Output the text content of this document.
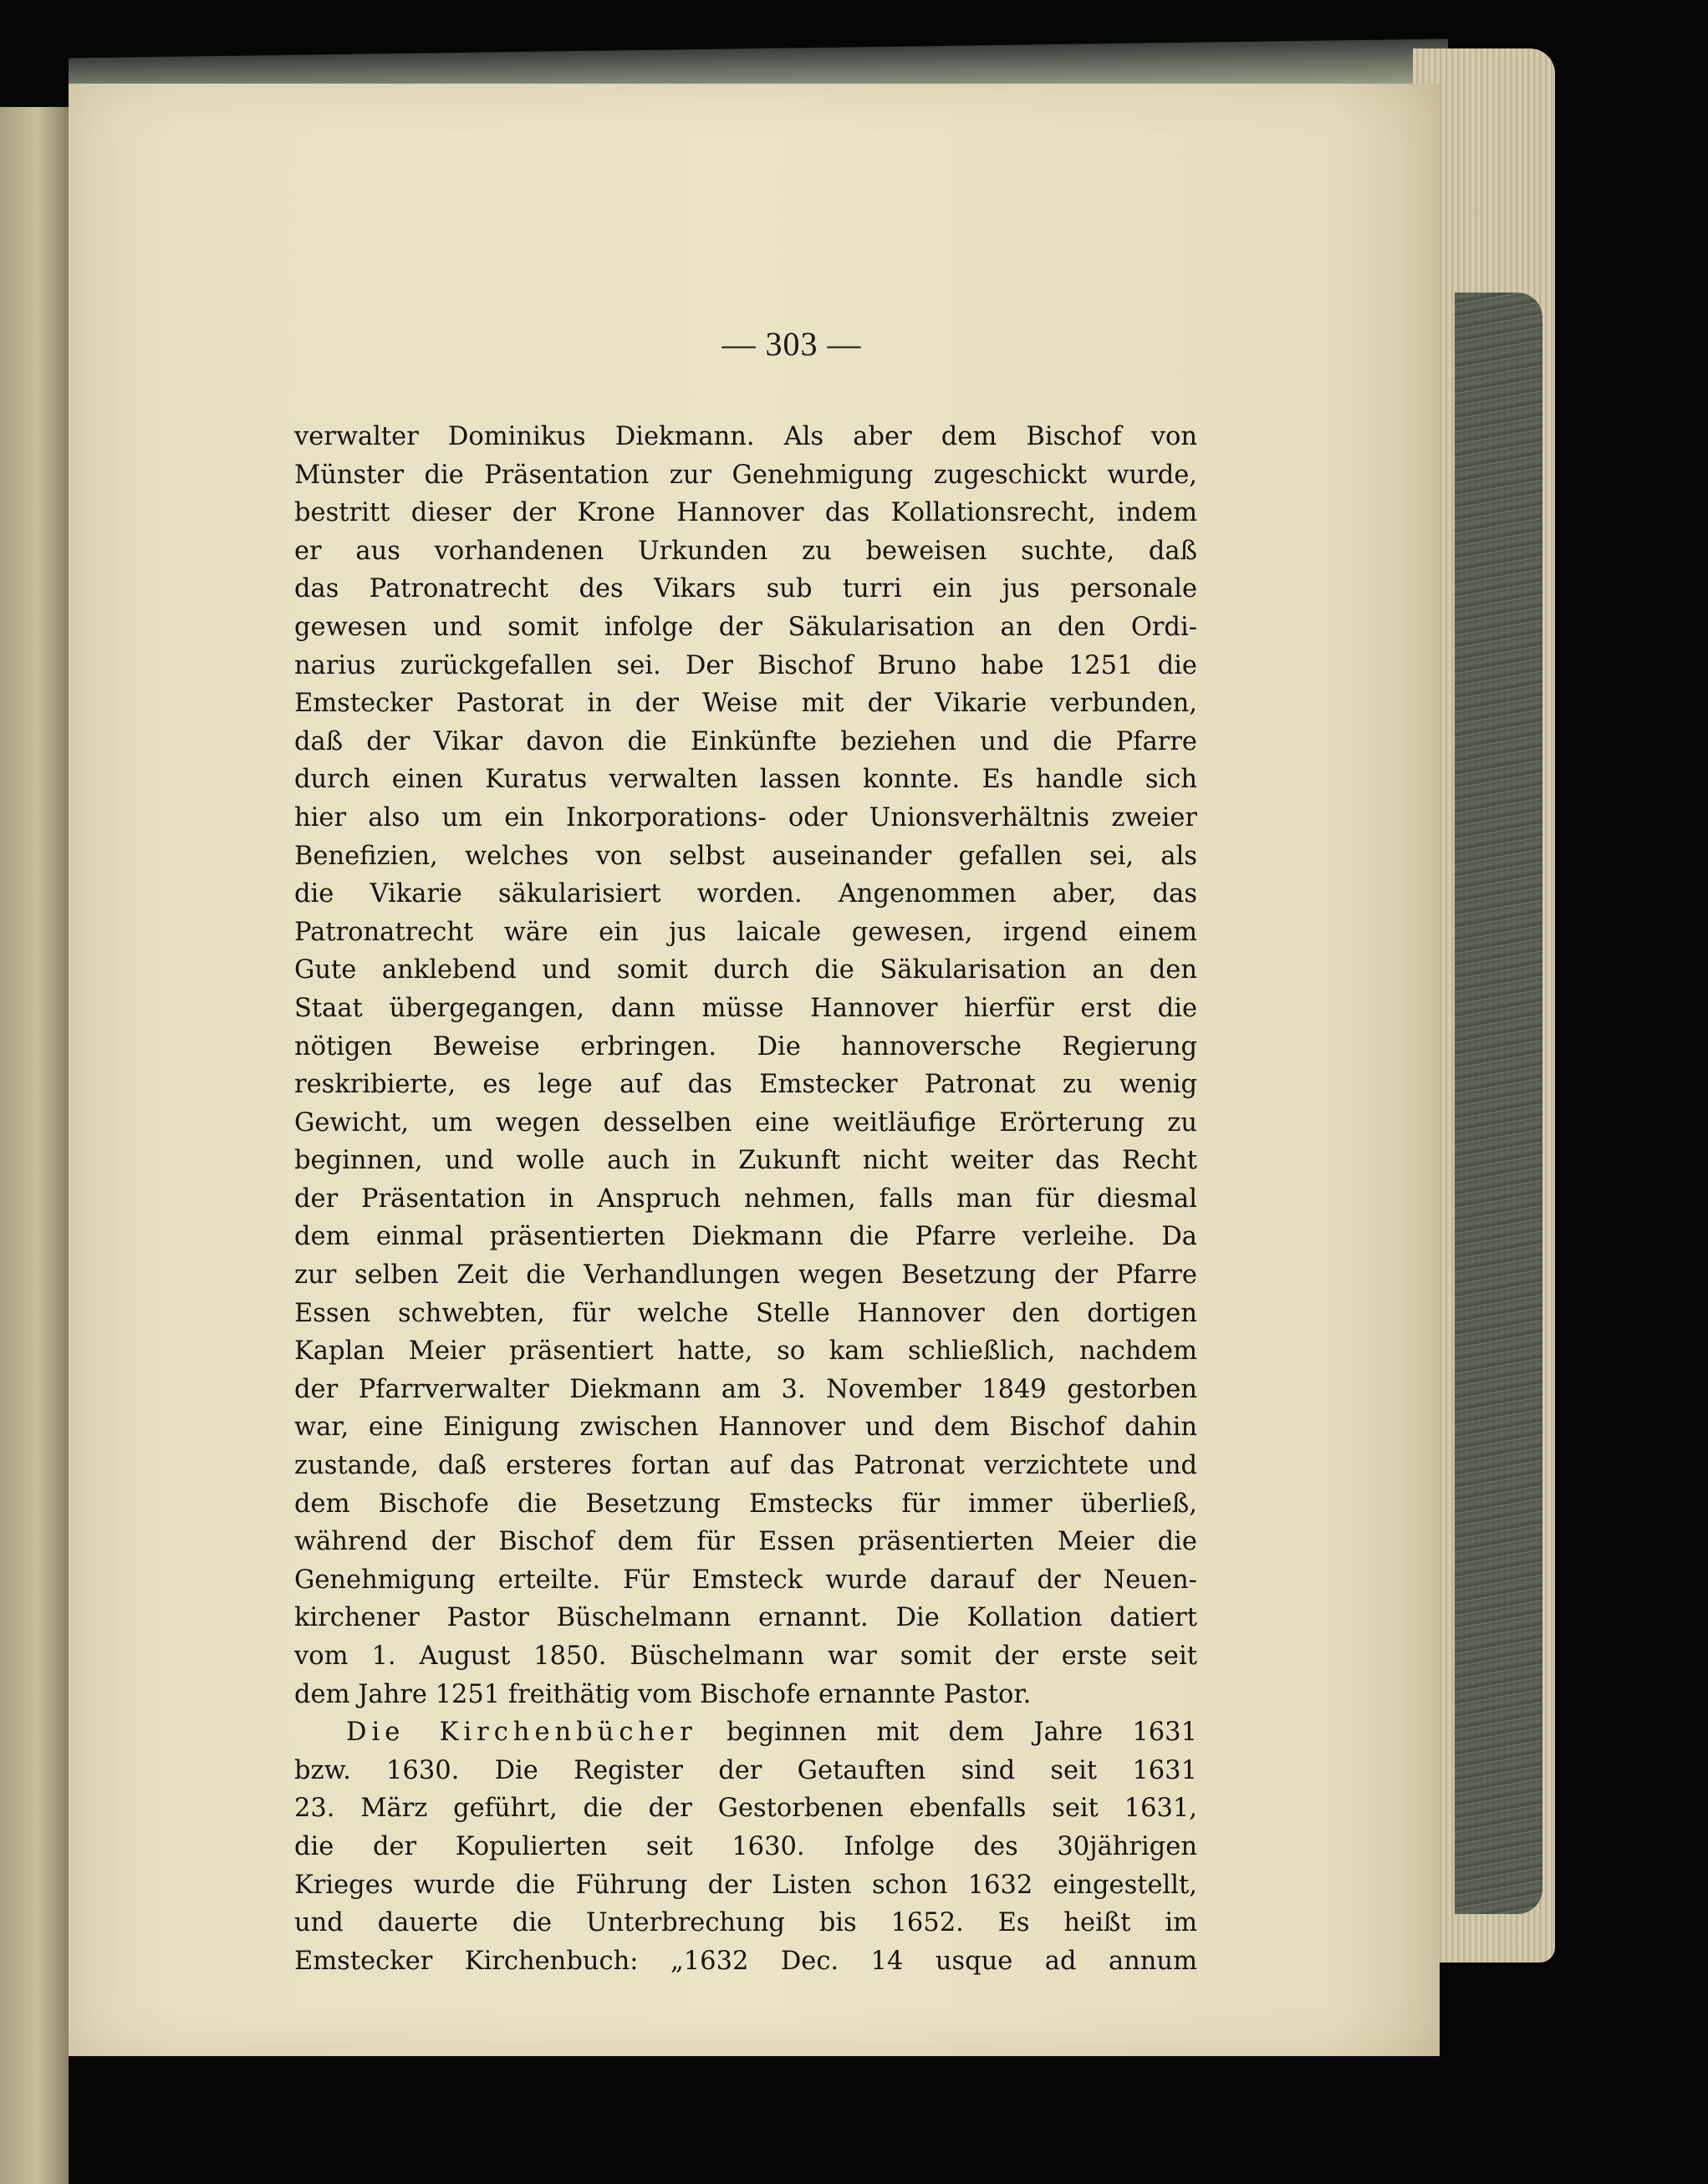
— 303 —
verwalter Dominikus Diekmann. Als aber dem Bischof von
Münster die Präsentation zur Genehmigung zugeschickt wurde,
bestritt dieser der Krone Hannover das Kollationsrecht, indem
er aus vorhandenen Urkunden zu beweisen suchte, daß
das Patronatrecht des Vikars sub turri ein jus personale
gewesen und somit infolge der Säkularisation an den Ordi-
narius zurückgefallen sei. Der Bischof Bruno habe 1251 die
Emstecker Pastorat in der Weise mit der Vikarie verbunden,
daß der Vikar davon die Einkünfte beziehen und die Pfarre
durch einen Kuratus verwalten lassen konnte. Es handle sich
hier also um ein Inkorporations- oder Unionsverhältnis zweier
Benefizien, welches von selbst auseinander gefallen sei, als
die Vikarie säkularisiert worden. Angenommen aber, das
Patronatrecht wäre ein jus laicale gewesen, irgend einem
Gute anklebend und somit durch die Säkularisation an den
Staat übergegangen, dann müsse Hannover hierfür erst die
nötigen Beweise erbringen. Die hannoversche Regierung
reskribierte, es lege auf das Emstecker Patronat zu wenig
Gewicht, um wegen desselben eine weitläufige Erörterung zu
beginnen, und wolle auch in Zukunft nicht weiter das Recht
der Präsentation in Anspruch nehmen, falls man für diesmal
dem einmal präsentierten Diekmann die Pfarre verleihe. Da
zur selben Zeit die Verhandlungen wegen Besetzung der Pfarre
Essen schwebten, für welche Stelle Hannover den dortigen
Kaplan Meier präsentiert hatte, so kam schließlich, nachdem
der Pfarrverwalter Diekmann am 3. November 1849 gestorben
war, eine Einigung zwischen Hannover und dem Bischof dahin
zustande, daß ersteres fortan auf das Patronat verzichtete und
dem Bischofe die Besetzung Emstecks für immer überließ,
während der Bischof dem für Essen präsentierten Meier die
Genehmigung erteilte. Für Emsteck wurde darauf der Neuen-
kirchener Pastor Büschelmann ernannt. Die Kollation datiert
vom 1. August 1850. Büschelmann war somit der erste seit
dem Jahre 1251 freithätig vom Bischofe ernannte Pastor.
Die Kirchenbücher beginnen mit dem Jahre 1631
bzw. 1630. Die Register der Getauften sind seit 1631
23. März geführt, die der Gestorbenen ebenfalls seit 1631,
die der Kopulierten seit 1630. Infolge des 30jährigen
Krieges wurde die Führung der Listen schon 1632 eingestellt,
und dauerte die Unterbrechung bis 1652. Es heißt im
Emstecker Kirchenbuch: „1632 Dec. 14 usque ad annum
